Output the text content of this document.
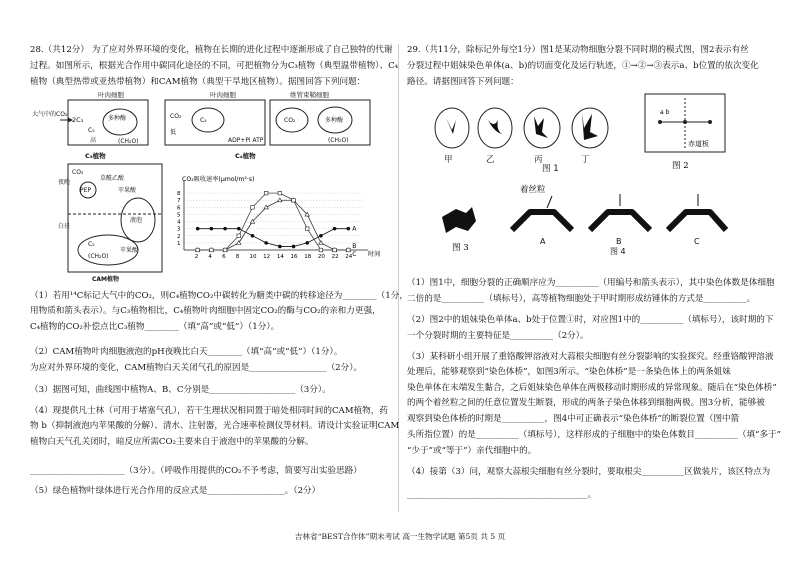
28.（共12分） 为了应对外界环境的变化，植物在长期的进化过程中逐渐形成了自己独特的代谢
过程。如图所示，根据光合作用中碳同化途径的不同，可把植物分为C₃植物（典型温带植物）、C₄
植物（典型热带或亚热带植物）和CAM植物（典型干旱地区植物）。据图回答下列问题：
叶肉细胞
大气中的CO₂
2C₃	多种酶
C₅
高	(CH₂O)
C₃植物
叶肉细胞	维管束鞘细胞
C₄
CO₂
低
CO₂	多种酶
(CH₂O)
ADP+Pi ATP
C₄植物
夜晚
白昼
CO₂
PEP
草酰乙酸
苹果酸
液泡
C₅
(CH₂O)
苹果酸
CAM植物
CO₂吸收速率(μmol/m²·s)
时间
1
2
3
4
5
6
7
8
2 4 6 8 10 12 14 16 18 20 22 24
A
B
C
（1）若用¹⁴C标记大气中的CO₂，则C₄植物CO₂中碳转化为糖类中碳的转移途径为________（1分，
用物质和箭头表示）。与C₃植物相比，C₄植物叶肉细胞中固定CO₂的酶与CO₂的亲和力更强，
C₄植物的CO₂补偿点比C₃植物________（填“高”或“低”）（1分）。
（2）CAM植物叶肉细胞液泡的pH夜晚比白天________（填“高”或“低”）（1分）。
为应对外界环境的变化，CAM植物白天关闭气孔的原因是__________________（2分）。
（3）据图可知，曲线图中植物A、B、C分别是____________________（3分）。
（4）现提供凡士林（可用于堵塞气孔），若干生理状况相同置于暗处相同时间的CAM植物，药
物 b（抑制液泡内苹果酸的分解）、清水、注射器，光合速率检测仪等材料。请设计实验证明CAM
植物白天气孔关闭时，暗反应所需CO₂主要来自于液泡中的苹果酸的分解。
______________________（3分）。（呼吸作用提供的CO₂不予考虑，简要写出实验思路）
（5）绿色植物叶绿体进行光合作用的反应式是__________________。（2分）
29.（共11分，除标记外每空1分）图1是某动物细胞分裂不同时期的模式图，图2表示有丝
分裂过程中姐妹染色单体(a、b)的切面变化及运行轨迹，①→②→③表示a、b位置的依次变化
路径。请据图回答下列问题：
甲	乙	丙	丁
图 1
a b
赤道板
图 2
图 3
着丝粒
A	B	C
图 4
（1）图1中，细胞分裂的正确顺序应为__________（用编号和箭头表示），其中染色体数是体细胞
二倍的是__________（填标号），高等植物细胞处于甲时期形成纺锤体的方式是__________。
（2）图2中的姐妹染色单体a、b处于位置①时，对应图1中的__________（填标号），该时期的下
一个分裂时期的主要特征是__________（2分）。
（3）某科研小组开展了重铬酸钾溶液对大蒜根尖细胞有丝分裂影响的实验探究。经重铬酸钾溶液
处理后，能够观察到“染色体桥”，如图3所示。“染色体桥”是一条染色体上的两条姐妹
染色单体在末端发生黏合，之后姐妹染色单体在两极移动时期形成的异常现象。随后在“染色体桥”
的两个着丝粒之间的任意位置发生断裂，形成的两条子染色体移到细胞两极。图3分析，能够被
观察到染色体桥的时期是__________，图4中可正确表示“染色体桥”的断裂位置（图中箭
头所指位置）的是__________（填标号），这样形成的子细胞中的染色体数目__________（填“多于”
“少于”或“等于”）亲代细胞中的。
（4）接第（3）问，观察大蒜根尖细胞有丝分裂时，要取根尖__________区做装片，该区特点为
__________________________________________。
吉林省“BEST合作体”期末考试 高一生物学试题 第5页 共 5 页
